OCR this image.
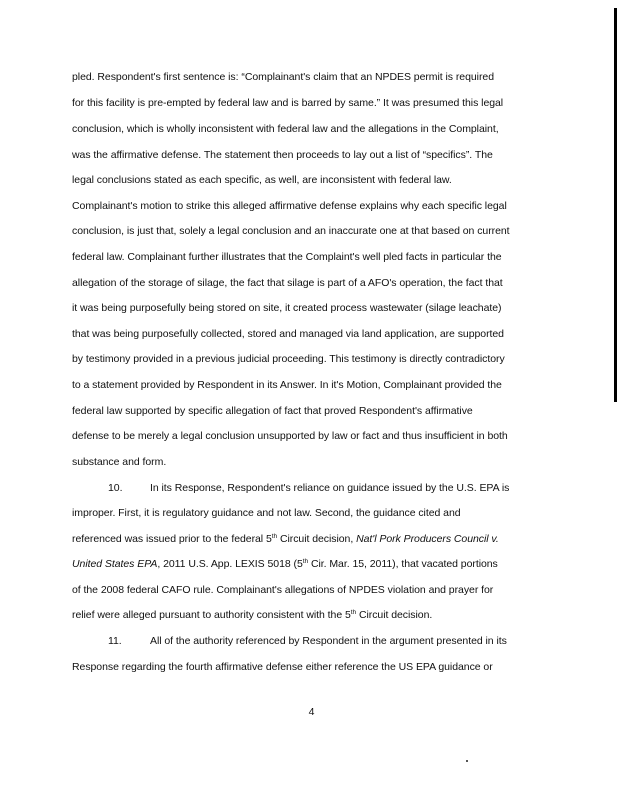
pled. Respondent's first sentence is: “Complainant's claim that an NPDES permit is required
for this facility is pre-empted by federal law and is barred by same.” It was presumed this legal
conclusion, which is wholly inconsistent with federal law and the allegations in the Complaint,
was the affirmative defense. The statement then proceeds to lay out a list of “specifics”. The
legal conclusions stated as each specific, as well, are inconsistent with federal law.
Complainant's motion to strike this alleged affirmative defense explains why each specific legal
conclusion, is just that, solely a legal conclusion and an inaccurate one at that based on current
federal law. Complainant further illustrates that the Complaint's well pled facts in particular the
allegation of the storage of silage, the fact that silage is part of a AFO's operation, the fact that
it was being purposefully being stored on site, it created process wastewater (silage leachate)
that was being purposefully collected, stored and managed via land application, are supported
by testimony provided in a previous judicial proceeding. This testimony is directly contradictory
to a statement provided by Respondent in its Answer. In it's Motion, Complainant provided the
federal law supported by specific allegation of fact that proved Respondent's affirmative
defense to be merely a legal conclusion unsupported by law or fact and thus insufficient in both
substance and form.
10.	In its Response, Respondent's reliance on guidance issued by the U.S. EPA is
improper. First, it is regulatory guidance and not law. Second, the guidance cited and
referenced was issued prior to the federal 5th Circuit decision, Nat'l Pork Producers Council v.
United States EPA, 2011 U.S. App. LEXIS 5018 (5th Cir. Mar. 15, 2011), that vacated portions
of the 2008 federal CAFO rule. Complainant's allegations of NPDES violation and prayer for
relief were alleged pursuant to authority consistent with the 5th Circuit decision.
11.	All of the authority referenced by Respondent in the argument presented in its
Response regarding the fourth affirmative defense either reference the US EPA guidance or
4
